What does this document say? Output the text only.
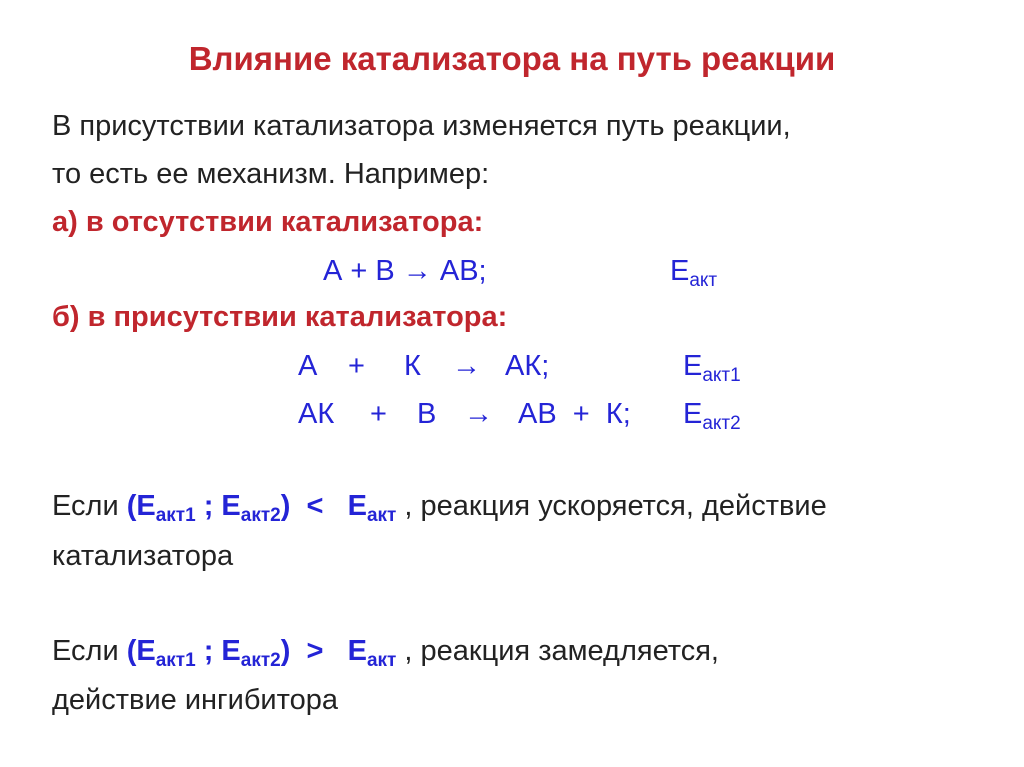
Влияние катализатора на путь реакции
В присутствии катализатора изменяется путь реакции,
то есть ее механизм. Например:
а) в отсутствии катализатора:
А + В → АВ;	$Е_{акт}$
б) в присутствии катализатора:
А + К → АК;	$Е_{акт1}$
АК + В → АВ  +  К; $Е_{акт2}$
Если ($Е_{акт1}$ ; $Е_{акт2}) < Е_{акт}$ , реакция ускоряется, действие
катализатора
Если ($Е_{акт1}$ ; $Е_{акт2}) > Е_{акт}$ , реакция замедляется,
действие ингибитора
